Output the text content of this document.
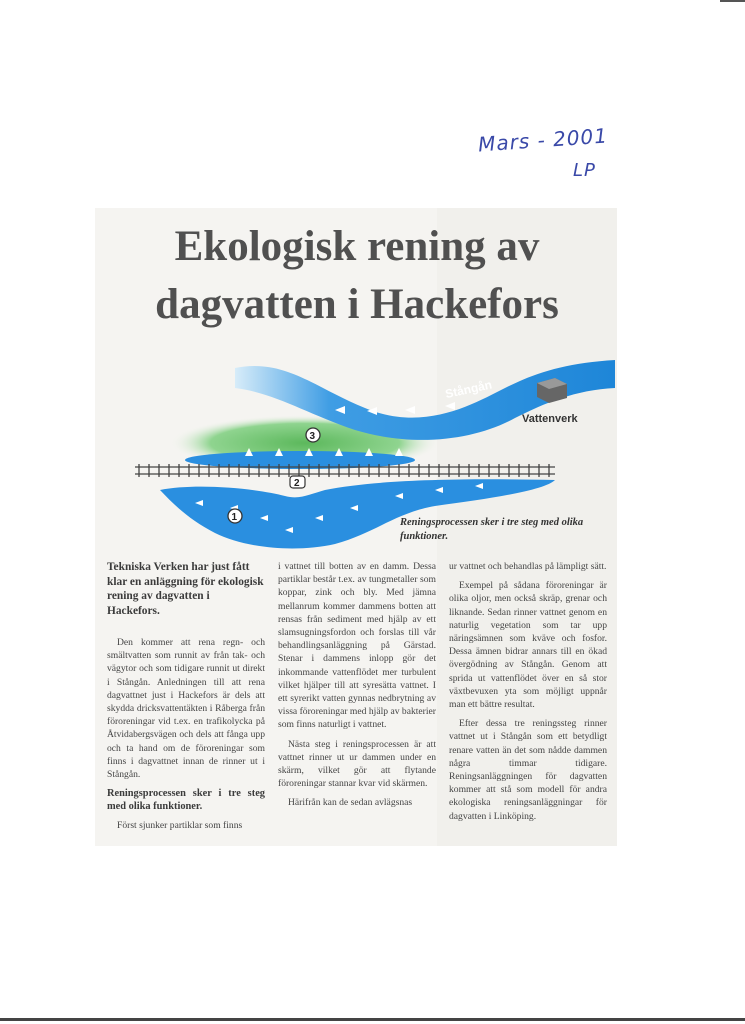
Mars - 2001
LP
Ekologisk rening av
dagvatten i Hackefors
Vattenverk
Stångån
3
2
1	Reningsprocessen sker i tre steg med olika funktioner.

Tekniska Verken har just fått klar en anläggning för ekologisk rening av dagvatten i Hackefors.

Den kommer att rena regn- och smältvatten som runnit av från tak- och vägytor och som tidigare runnit ut direkt i Stångån. Anledningen till att rena dagvattnet just i Hackefors är dels att skydda dricksvattentäkten i Råberga från föroreningar vid t.ex. en trafikolycka på Åtvidabergsvägen och dels att fånga upp och ta hand om de föroreningar som finns i dagvattnet innan de rinner ut i Stångån.

Reningsprocessen sker i tre steg med olika funktioner.

Först sjunker partiklar som finns

i vattnet till botten av en damm. Dessa partiklar består t.ex. av tungmetaller som koppar, zink och bly. Med jämna mellanrum kommer dammens botten att rensas från sediment med hjälp av ett slamsugningsfordon och forslas till vår behandlingsanläggning på Gärstad. Stenar i dammens inlopp gör det inkommande vattenflödet mer turbulent vilket hjälper till att syresätta vattnet. I ett syrerikt vatten gynnas nedbrytning av vissa föroreningar med hjälp av bakterier som finns naturligt i vattnet.

Nästa steg i reningsprocessen är att vattnet rinner ut ur dammen under en skärm, vilket gör att flytande föroreningar stannar kvar vid skärmen.

Härifrån kan de sedan avlägsnas

ur vattnet och behandlas på lämpligt sätt.

Exempel på sådana föroreningar är olika oljor, men också skräp, grenar och liknande. Sedan rinner vattnet genom en naturlig vegetation som tar upp näringsämnen som kväve och fosfor. Dessa ämnen bidrar annars till en ökad övergödning av Stångån. Genom att sprida ut vattenflödet över en så stor växtbevuxen yta som möjligt uppnår man ett bättre resultat.

Efter dessa tre reningssteg rinner vattnet ut i Stångån som ett betydligt renare vatten än det som nådde dammen några timmar tidigare. Reningsanläggningen för dagvatten kommer att stå som modell för andra ekologiska reningsanläggningar för dagvatten i Linköping.
